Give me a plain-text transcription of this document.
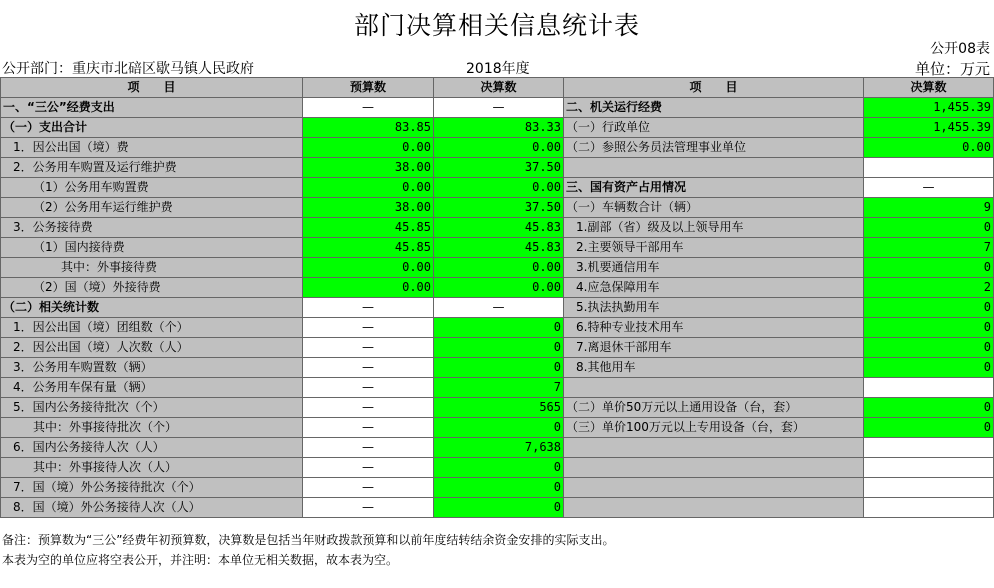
部门决算相关信息统计表
公开08表
公开部门：重庆市北碚区歇马镇人民政府	2018年度	单位：万元
项　　目	预算数	决算数	项　　目	决算数
一、“三公”经费支出	—	—	二、机关运行经费	1,455.39
（一）支出合计	83.85	83.33	（一）行政单位	1,455.39
1．因公出国（境）费	0.00	0.00	（二）参照公务员法管理事业单位	0.00
2．公务用车购置及运行维护费	38.00	37.50		
（1）公务用车购置费	0.00	0.00	三、国有资产占用情况	—
（2）公务用车运行维护费	38.00	37.50	（一）车辆数合计（辆）	9
3．公务接待费	45.85	45.83	1.副部（省）级及以上领导用车	0
（1）国内接待费	45.85	45.83	2.主要领导干部用车	7
其中：外事接待费	0.00	0.00	3.机要通信用车	0
（2）国（境）外接待费	0.00	0.00	4.应急保障用车	2
（二）相关统计数	—	—	5.执法执勤用车	0
1．因公出国（境）团组数（个）	—	0	6.特种专业技术用车	0
2．因公出国（境）人次数（人）	—	0	7.离退休干部用车	0
3．公务用车购置数（辆）	—	0	8.其他用车	0
4．公务用车保有量（辆）	—	7		
5．国内公务接待批次（个）	—	565	（二）单价50万元以上通用设备（台，套）	0
其中：外事接待批次（个）	—	0	（三）单价100万元以上专用设备（台，套）	0
6．国内公务接待人次（人）	—	7,638		
其中：外事接待人次（人）	—	0		
7．国（境）外公务接待批次（个）	—	0		
8．国（境）外公务接待人次（人）	—	0		
备注：预算数为“三公”经费年初预算数，决算数是包括当年财政拨款预算和以前年度结转结余资金安排的实际支出。
本表为空的单位应将空表公开，并注明：本单位无相关数据，故本表为空。
